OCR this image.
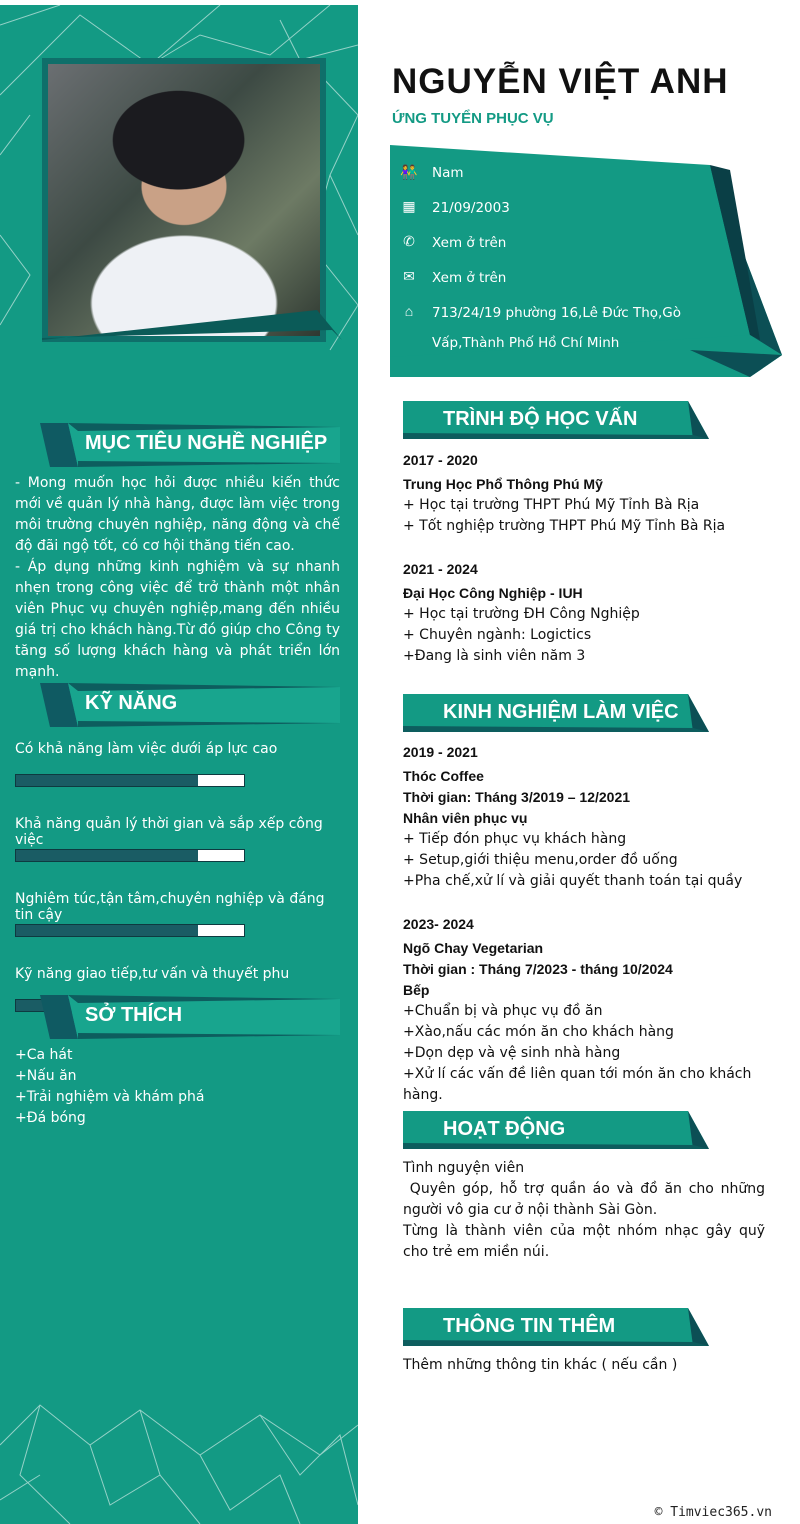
MỤC TIÊU NGHỀ NGHIỆP
- Mong muốn học hỏi được nhiều kiến thức mới về quản lý nhà hàng, được làm việc trong môi trường chuyên nghiệp, năng động và chế độ đãi ngộ tốt, có cơ hội thăng tiến cao.
- Áp dụng những kinh nghiệm và sự nhanh nhẹn trong công việc để trở thành một nhân viên Phục vụ chuyên nghiệp,mang đến nhiều giá trị cho khách hàng.Từ đó giúp cho Công ty tăng số lượng khách hàng và phát triển lớn mạnh.
KỸ NĂNG
Có khả năng làm việc dưới áp lực cao
Khả năng quản lý thời gian và sắp xếp công việc
Nghiêm túc,tận tâm,chuyên nghiệp và đáng tin cậy
Kỹ năng giao tiếp,tư vấn và thuyết phu
SỞ THÍCH
+Ca hát
+Nấu ăn
+Trải nghiệm và khám phá
+Đá bóng
NGUYỄN VIỆT ANH
ỨNG TUYỂN PHỤC VỤ
👫 Nam
▦ 21/09/2003
✆ Xem ở trên
✉ Xem ở trên
⌂	713/24/19 phường 16,Lê Đức Thọ,Gò
Vấp,Thành Phố Hồ Chí Minh
TRÌNH ĐỘ HỌC VẤN
2017 - 2020
Trung Học Phổ Thông Phú Mỹ
+ Học tại trường THPT Phú Mỹ Tỉnh Bà Rịa
+ Tốt nghiệp trường THPT Phú Mỹ Tỉnh Bà Rịa
2021 - 2024
Đại Học Công Nghiệp - IUH
+ Học tại trường ĐH Công Nghiệp
+ Chuyên ngành: Logictics
+Đang là sinh viên năm 3
KINH NGHIỆM LÀM VIỆC
2019 - 2021
Thóc Coffee
Thời gian: Tháng 3/2019 – 12/2021
Nhân viên phục vụ
+ Tiếp đón phục vụ khách hàng
+ Setup,giới thiệu menu,order đồ uống
+Pha chế,xử lí và giải quyết thanh toán tại quầy
2023- 2024
Ngõ Chay Vegetarian
Thời gian : Tháng 7/2023 - tháng 10/2024
Bếp
+Chuẩn bị và phục vụ đồ ăn
+Xào,nấu các món ăn cho khách hàng
+Dọn dẹp và vệ sinh nhà hàng
+Xử lí các vấn đề liên quan tới món ăn cho khách hàng.
HOẠT ĐỘNG
Tình nguyện viên
Quyên góp, hỗ trợ quần áo và đồ ăn cho những người vô gia cư ở nội thành Sài Gòn.
Từng là thành viên của một nhóm nhạc gây quỹ cho trẻ em miền núi.
THÔNG TIN THÊM
Thêm những thông tin khác ( nếu cần )
© Timviec365.vn
